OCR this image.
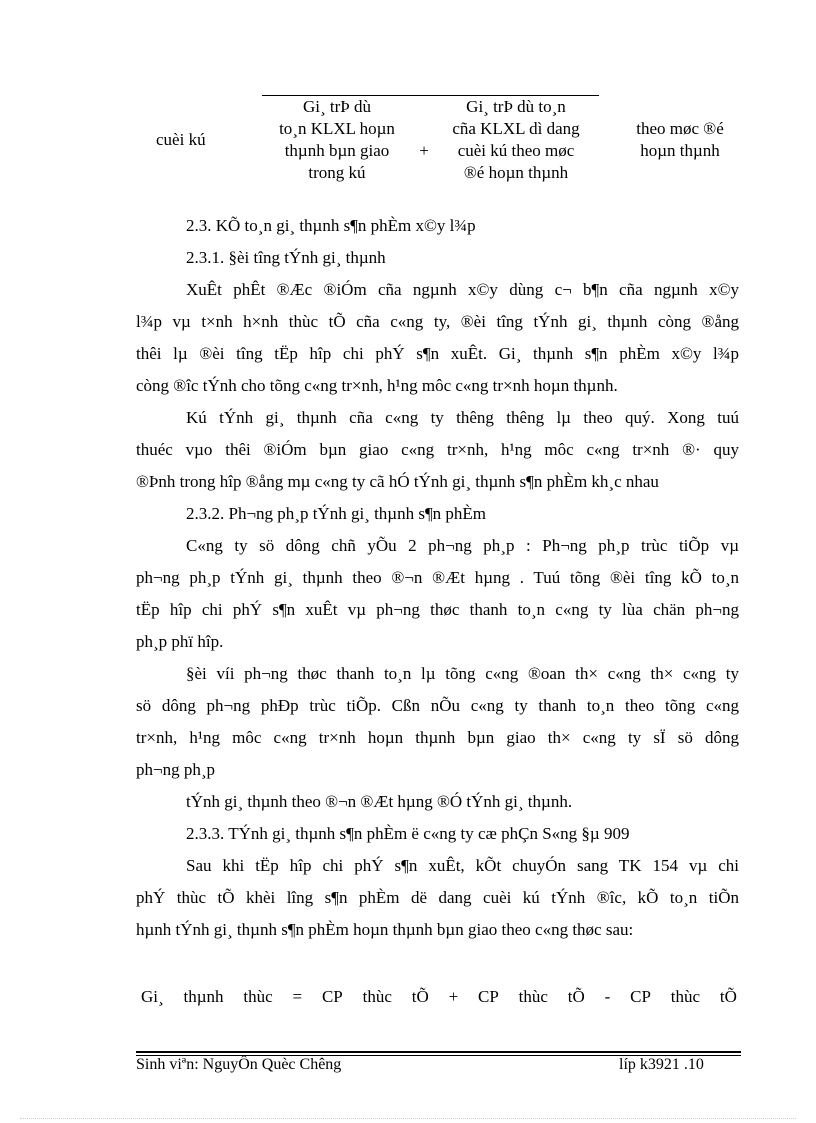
cuèi kú
Gi¸ trÞ dù
to¸n KLXL hoµn
thµnh bµn giao
trong kú
+
Gi¸ trÞ dù to¸n
cña KLXL dì dang
cuèi kú theo møc
®é hoµn thµnh
theo møc ®é
hoµn thµnh
2.3. KÕ to¸n gi¸ thµnh s¶n phÈm x©y l¾p
2.3.1. §èi tîng tÝnh gi¸ thµnh
XuÊt phÊt ®Æc ®iÓm cña ngµnh x©y dùng c¬ b¶n cña ngµnh x©y
l¾p vµ t×nh h×nh thùc tÕ cña c«ng ty, ®èi tîng tÝnh gi¸ thµnh còng ®ång
thêi lµ ®èi tîng tËp hîp chi phÝ s¶n xuÊt. Gi¸ thµnh s¶n phÈm x©y l¾p
còng ®îc tÝnh cho tõng c«ng tr×nh, h¹ng môc c«ng tr×nh hoµn thµnh.
Kú tÝnh gi¸ thµnh cña c«ng ty thêng thêng lµ theo quý. Xong tuú
thuéc vµo thêi ®iÓm bµn giao c«ng tr×nh, h¹ng môc c«ng tr×nh ®· quy
®Þnh trong hîp ®ång mµ c«ng ty cã hÓ tÝnh gi¸ thµnh s¶n phÈm kh¸c nhau
2.3.2. Ph¬ng ph¸p tÝnh gi¸ thµnh s¶n phÈm
C«ng ty sö dông chñ yÕu 2 ph¬ng ph¸p : Ph¬ng ph¸p trùc tiÕp vµ
ph¬ng ph¸p tÝnh gi¸ thµnh theo ®¬n ®Æt hµng . Tuú tõng ®èi tîng kÕ to¸n
tËp hîp chi phÝ s¶n xuÊt vµ ph¬ng thøc thanh to¸n c«ng ty lùa chän ph¬ng
ph¸p phï hîp.
§èi víi ph¬ng thøc thanh to¸n lµ tõng c«ng ®oan th× c«ng th× c«ng ty
sö dông ph¬ng phÐp trùc tiÕp. Cßn nÕu c«ng ty thanh to¸n theo tõng c«ng
tr×nh, h¹ng môc c«ng tr×nh hoµn thµnh bµn giao th× c«ng ty sÏ sö dông
ph¬ng ph¸p
tÝnh gi¸ thµnh theo ®¬n ®Æt hµng ®Ó tÝnh gi¸ thµnh.
2.3.3. TÝnh gi¸ thµnh s¶n phÈm ë c«ng ty cæ phÇn S«ng §µ 909
Sau khi tËp hîp chi phÝ s¶n xuÊt, kÕt chuyÓn sang TK 154 vµ chi
phÝ thùc tÕ khèi lîng s¶n phÈm dë dang cuèi kú tÝnh ®îc, kÕ to¸n tiÕn
hµnh tÝnh gi¸ thµnh s¶n phÈm hoµn thµnh bµn giao theo c«ng thøc sau:
Gi¸ thµnh thùc = CP thùc tÕ + CP thùc tÕ - CP thùc tÕ
Sinh viªn: NguyÔn Quèc Chêng	líp k3921 .10
